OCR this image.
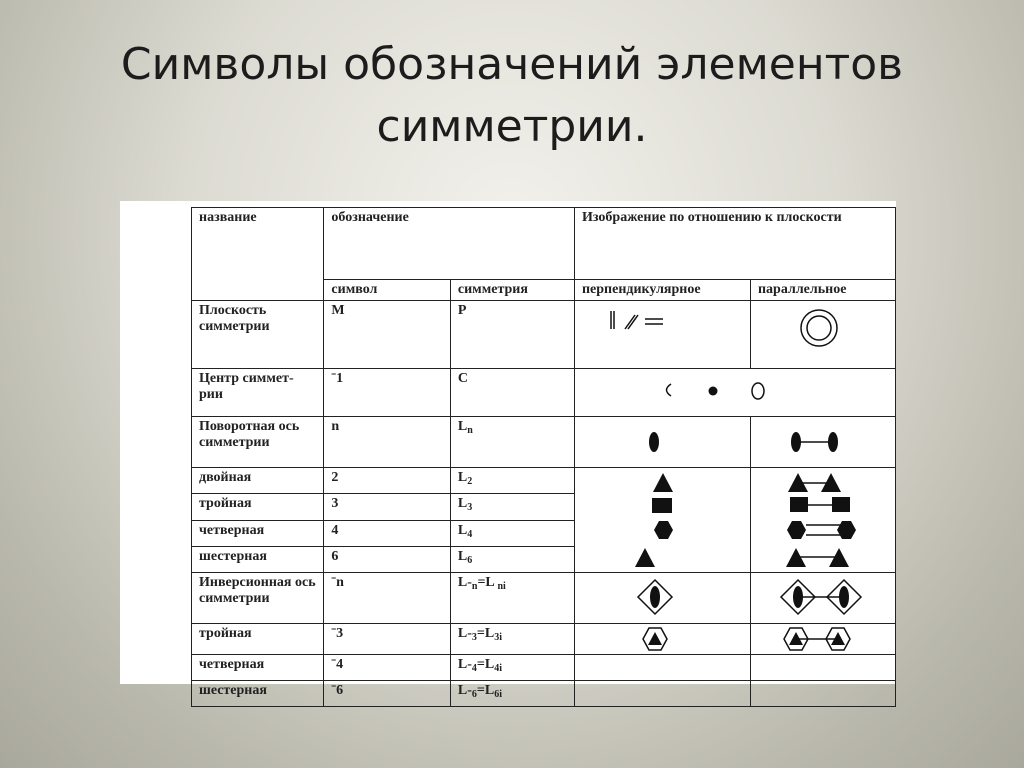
Символы обозначений элементов
симметрии.
название	обозначение		Изображение по отношению к плоскости	
	символ	симметрия	перпендикулярное	параллельное
Плоскость симметрии	M	P	

Центр симмет-рии	ˉ1	C	

Поворотная ось симметрии	n	$L_n$	

двойная	2	$L_2$	

тройная	3	$L_3$
четверная	4	$L_4$
шестерная	6	$L_6$
Инверсионная ось симметрии	ˉn	$L-_n=L$ $_{ni}$	

тройная	ˉ3	$L-_3=L_{3i}$	

четверная	ˉ4	$L-_4=L_{4i}$		
шестерная	ˉ6	$L-_6=L_{6i}$		
